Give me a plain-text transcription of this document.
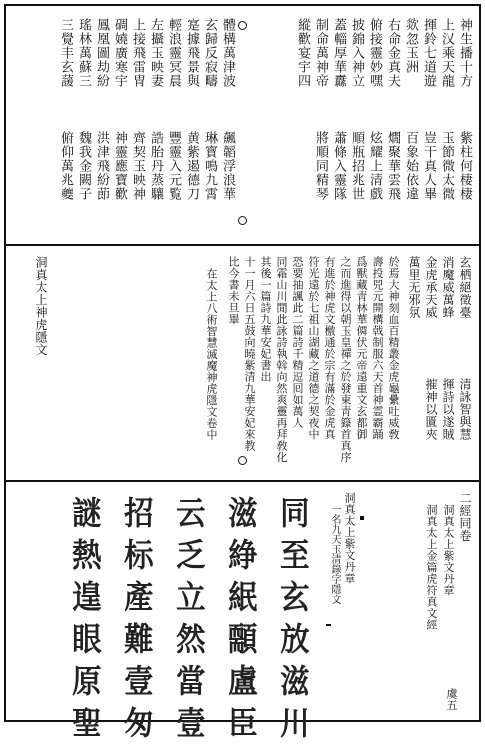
神生播十方
上㲼乘天龍
揮鈴七道遊
欻忽玉洲
右命金真夫
俯接靈妙嘿
披錦入神立
蓋輜厚華纛
制命萬神帝
縱歡宴宇四
紫柱何棲棲
玉節微太微
豈干真人畢
百象始依違
燗聚華雲飛
炫耀上清戲
順瓶招兆世
蕭條入靈隊
將順同精琴
飆韜浮浪華
琳寳鳴九霄
黄紫遏德刀
豐靈入元覧
誥胎丹蒸驤
齊契玉映神
神靈應寶歡
洪津飛紛莭
魏我金闕子
俯仰萬兆夔
體構萬津波
玄歸反寂疇
寔據飛景與
輕浪靈冥晨
左攝玉映妻
上接飛雷冑
碉嬈廣寒宇
鳳凰圖劫紛
瑤林萬蘇三
三覺丰玄蘐
玄栖絕徵臺
消魔威萬蜂
金虎承天威
萬里无邪氛
清詠智與慧
揮詩以遂賊
摧神以匱夾
於焉大神刻血百精叢金虎龜纍吐威敎
壽投兕元開構戟制服六天首神霊霸踊
爲獸藏靑林華僲伏元帝遠重文玄都御
之而進得以朝玉皇禪之於發東靑籙首真序
有進於神虎文檄通於宗有滿於金虎真
符光遠於七祖山湖藏之道德之契夜中
恐要抽諷此二篇詩千精逗囘如萬人
同霜山川閒此詠詩執斡向然爽靈再拜敎化
其後一篇詩九華安妃書出
十一月六日五鼓向曉紫清九華安妃來教
比今書未旦畢
在太上八術智慧滅魔神虎隱文卷中
洞真太上神虎隱文
二經同卷
洞真太上紫文丹章
洞真太上金篇虎符真文經
洞真太上紫文丹章
一名九天玉清錄字隱文
同至玄放滋川
滋䋫䋋䫱盧臣
云乏立然當壹
招标產難壹匆
謎熱遑眼原聖	虞五
